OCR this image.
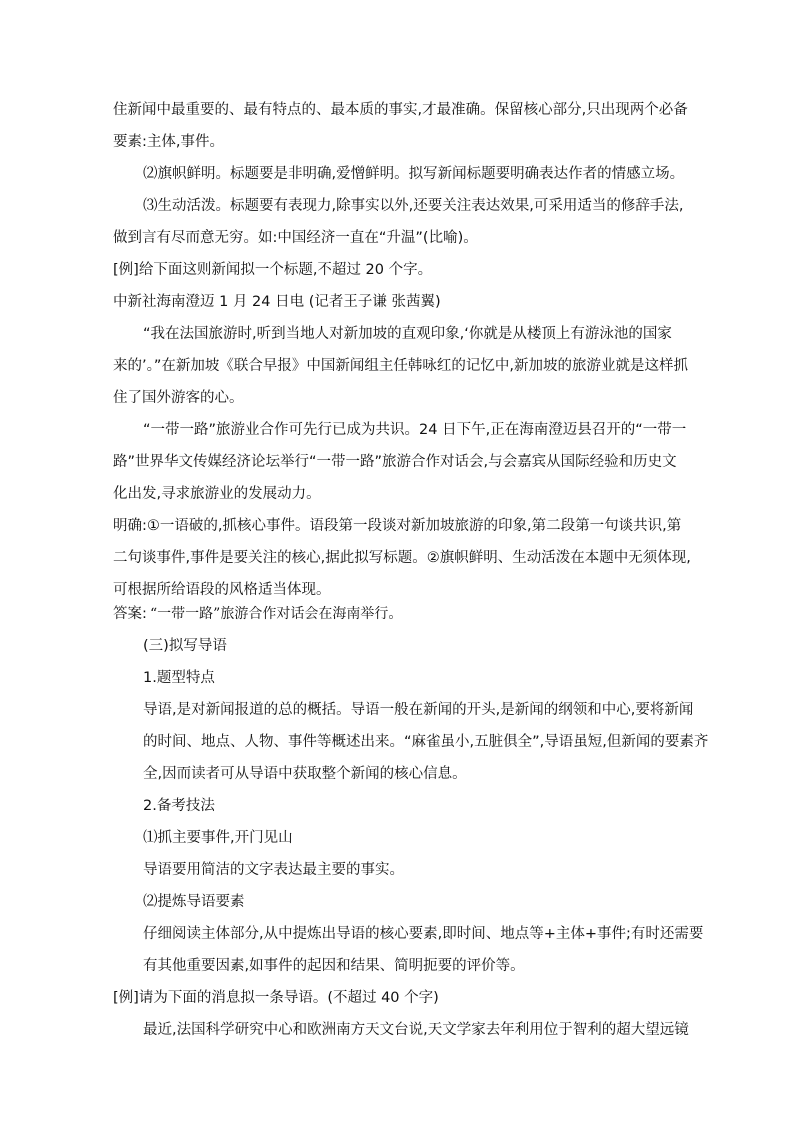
住新闻中最重要的、最有特点的、最本质的事实,才最准确。保留核心部分,只出现两个必备
要素:主体,事件。
⑵旗帜鲜明。标题要是非明确,爱憎鲜明。拟写新闻标题要明确表达作者的情感立场。
⑶生动活泼。标题要有表现力,除事实以外,还要关注表达效果,可采用适当的修辞手法,
做到言有尽而意无穷。如:中国经济一直在“升温”(比喻)。
[例]给下面这则新闻拟一个标题,不超过 20 个字。
中新社海南澄迈 1 月 24 日电 (记者王子谦 张茜翼)
“我在法国旅游时,听到当地人对新加坡的直观印象,‘你就是从楼顶上有游泳池的国家
来的’。”在新加坡《联合早报》中国新闻组主任韩咏红的记忆中,新加坡的旅游业就是这样抓
住了国外游客的心。
“一带一路”旅游业合作可先行已成为共识。24 日下午,正在海南澄迈县召开的“一带一
路”世界华文传媒经济论坛举行“一带一路”旅游合作对话会,与会嘉宾从国际经验和历史文
化出发,寻求旅游业的发展动力。
明确:①一语破的,抓核心事件。语段第一段谈对新加坡旅游的印象,第二段第一句谈共识,第
二句谈事件,事件是要关注的核心,据此拟写标题。②旗帜鲜明、生动活泼在本题中无须体现,
可根据所给语段的风格适当体现。
答案: “一带一路”旅游合作对话会在海南举行。
(三)拟写导语
1.题型特点
导语,是对新闻报道的总的概括。导语一般在新闻的开头,是新闻的纲领和中心,要将新闻
的时间、地点、人物、事件等概述出来。“麻雀虽小,五脏俱全”,导语虽短,但新闻的要素齐
全,因而读者可从导语中获取整个新闻的核心信息。
2.备考技法
⑴抓主要事件,开门见山
导语要用简洁的文字表达最主要的事实。
⑵提炼导语要素
仔细阅读主体部分,从中提炼出导语的核心要素,即时间、地点等+主体+事件;有时还需要
有其他重要因素,如事件的起因和结果、简明扼要的评价等。
[例]请为下面的消息拟一条导语。(不超过 40 个字)
最近,法国科学研究中心和欧洲南方天文台说,天文学家去年利用位于智利的超大望远镜
